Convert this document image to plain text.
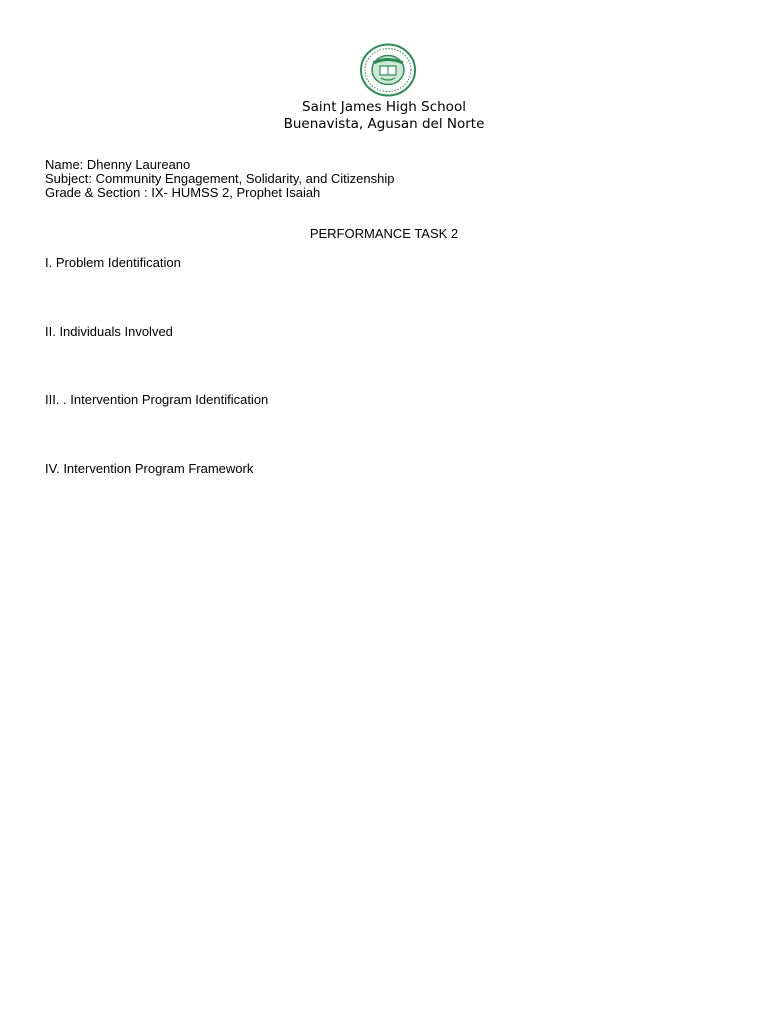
Saint James High School
Buenavista, Agusan del Norte
Name: Dhenny Laureano
Subject: Community Engagement, Solidarity, and Citizenship
Grade & Section : IX- HUMSS 2, Prophet Isaiah
PERFORMANCE TASK 2
I. Problem Identification
II. Individuals Involved
III. . Intervention Program Identification
IV. Intervention Program Framework
